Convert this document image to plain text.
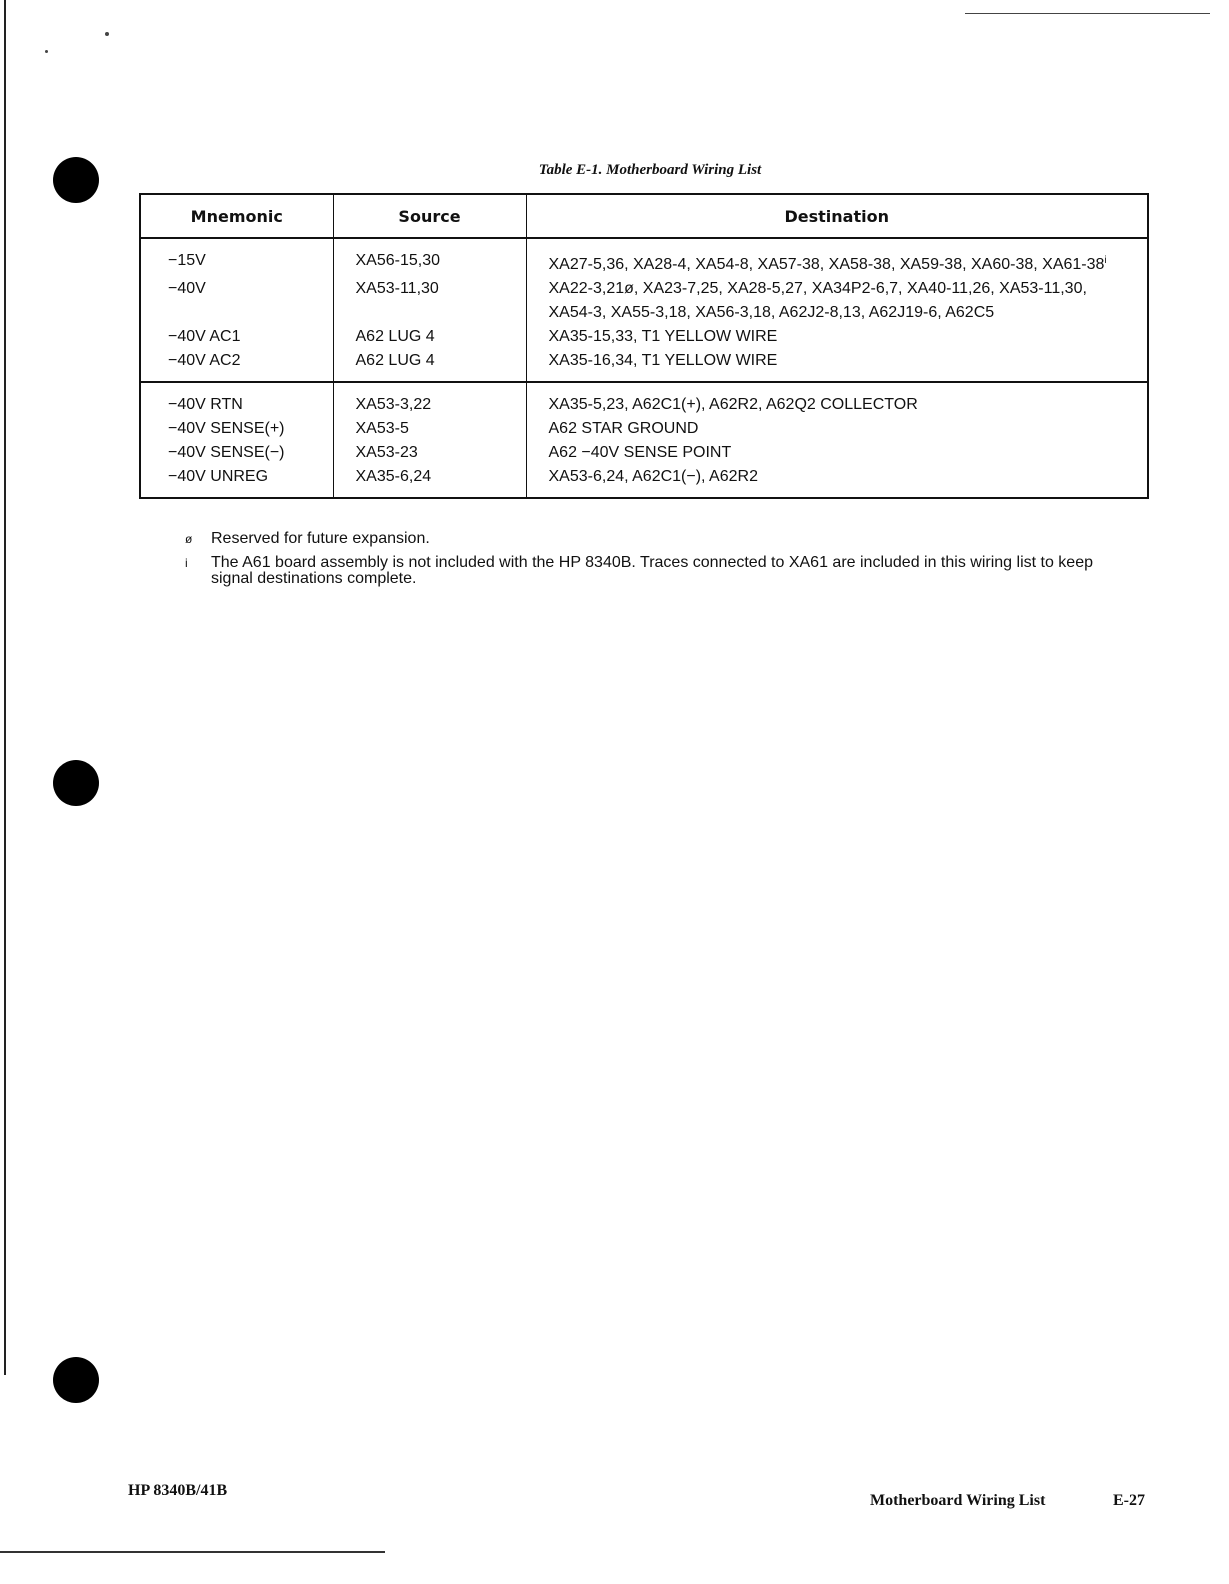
Table E-1. Motherboard Wiring List
Mnemonic	Source	Destination
−15V	XA56-15,30	XA27-5,36, XA28-4, XA54-8, XA57-38, XA58-38, XA59-38, XA60-38, XA61-38$^i$

−40V	XA53-11,30	XA22-3,21ø, XA23-7,25, XA28-5,27, XA34P2-6,7, XA40-11,26, XA53-11,30,
XA54-3, XA55-3,18, XA56-3,18, A62J2-8,13, A62J19-6, A62C5

−40V AC1	A62 LUG 4	XA35-15,33, T1 YELLOW WIRE

−40V AC2	A62 LUG 4	XA35-16,34, T1 YELLOW WIRE

−40V RTN	XA53-3,22	XA35-5,23, A62C1(+), A62R2, A62Q2 COLLECTOR

−40V SENSE(+)	XA53-5	A62 STAR GROUND

−40V SENSE(−)	XA53-23	A62 −40V SENSE POINT

−40V UNREG	XA35-6,24	XA53-6,24, A62C1(−), A62R2
ø Reserved for future expansion.
i The A61 board assembly is not included with the HP 8340B. Traces connected to XA61 are included in this wiring list to keep
signal destinations complete.
HP 8340B/41B
Motherboard Wiring List	E-27
